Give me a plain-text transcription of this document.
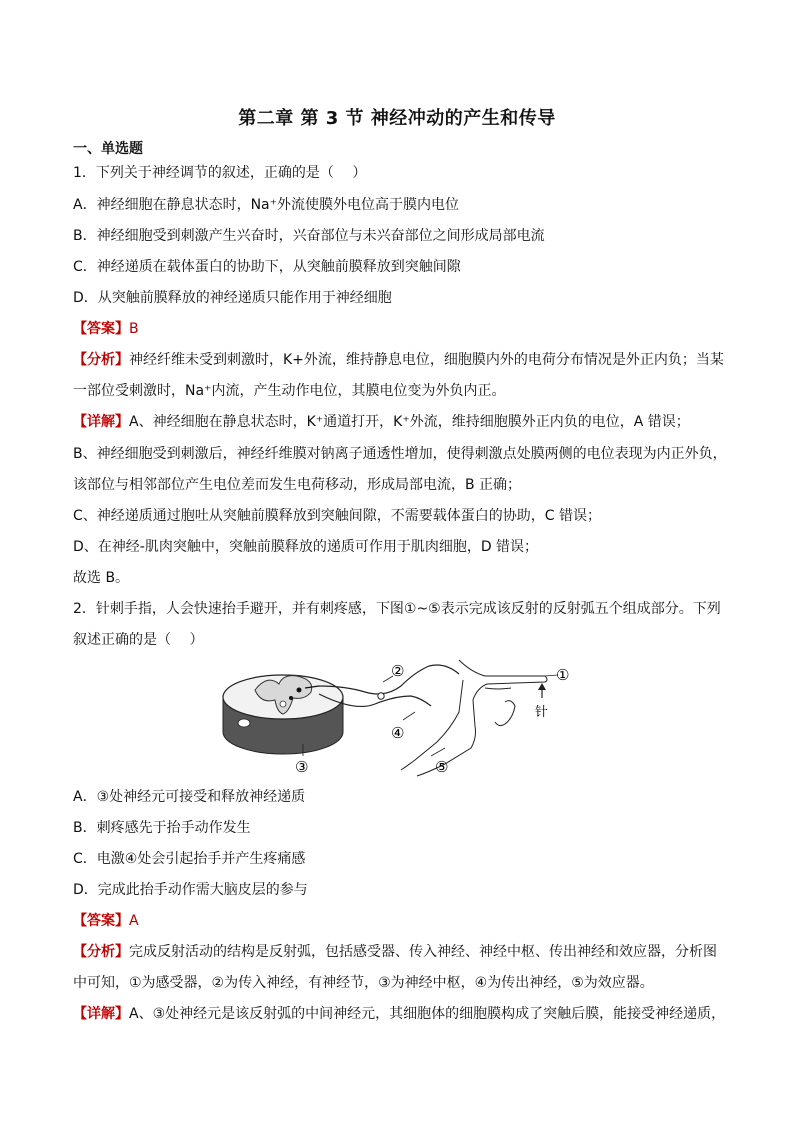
第二章 第 3 节 神经冲动的产生和传导
一、单选题
1．下列关于神经调节的叙述，正确的是（　 ）
A．神经细胞在静息状态时，Na⁺外流使膜外电位高于膜内电位
B．神经细胞受到刺激产生兴奋时，兴奋部位与未兴奋部位之间形成局部电流
C．神经递质在载体蛋白的协助下，从突触前膜释放到突触间隙
D．从突触前膜释放的神经递质只能作用于神经细胞
【答案】B
【分析】神经纤维未受到刺激时，K+外流，维持静息电位，细胞膜内外的电荷分布情况是外正内负；当某
一部位受刺激时，Na⁺内流，产生动作电位，其膜电位变为外负内正。
【详解】A、神经细胞在静息状态时，K⁺通道打开，K⁺外流，维持细胞膜外正内负的电位，A 错误；
B、神经细胞受到刺激后，神经纤维膜对钠离子通透性增加，使得刺激点处膜两侧的电位表现为内正外负，
该部位与相邻部位产生电位差而发生电荷移动，形成局部电流，B 正确；
C、神经递质通过胞吐从突触前膜释放到突触间隙，不需要载体蛋白的协助，C 错误；
D、在神经-肌肉突触中，突触前膜释放的递质可作用于肌肉细胞，D 错误；
故选 B。
2．针刺手指，人会快速抬手避开，并有刺疼感，下图①~⑤表示完成该反射的反射弧五个组成部分。下列
叙述正确的是（　 ）
②	①
④
③	⑤
针
A．③处神经元可接受和释放神经递质
B．刺疼感先于抬手动作发生
C．电激④处会引起抬手并产生疼痛感
D．完成此抬手动作需大脑皮层的参与
【答案】A
【分析】完成反射活动的结构是反射弧，包括感受器、传入神经、神经中枢、传出神经和效应器，分析图
中可知，①为感受器，②为传入神经，有神经节，③为神经中枢，④为传出神经，⑤为效应器。
【详解】A、③处神经元是该反射弧的中间神经元，其细胞体的细胞膜构成了突触后膜，能接受神经递质，
